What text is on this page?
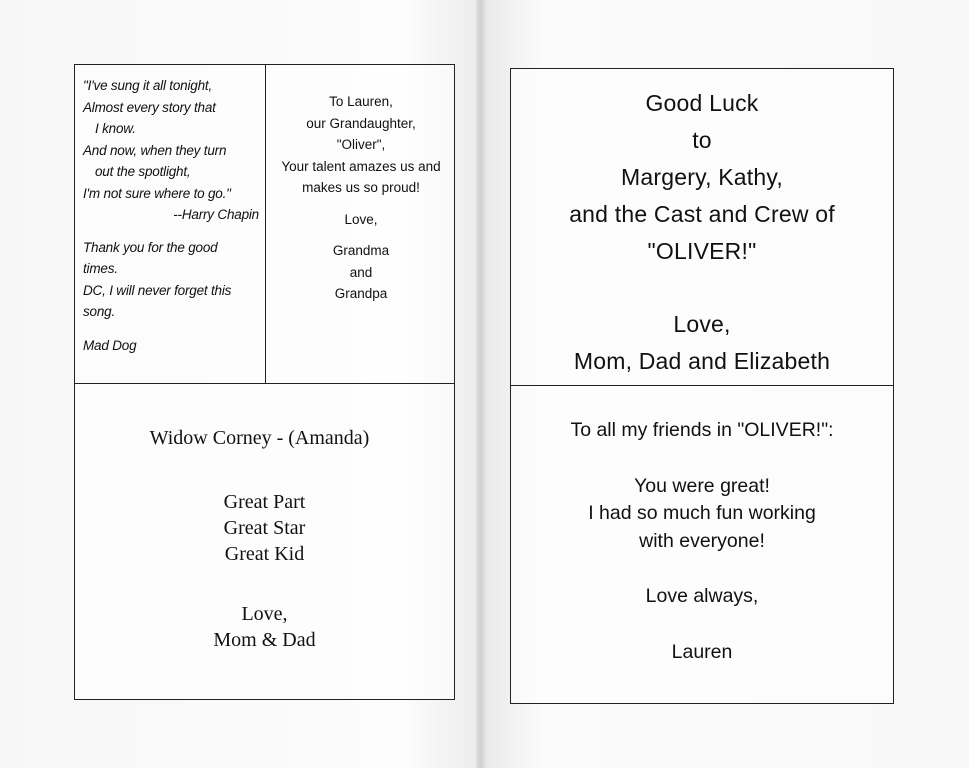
"I've sung it all tonight,
Almost every story that
I know.
And now, when they turn
out the spotlight,
I'm not sure where to go."
--Harry Chapin
Thank you for the good
times.
DC, I will never forget this
song.
Mad Dog
To Lauren,
our Grandaughter,
"Oliver",
Your talent amazes us and
makes us so proud!
Love,
Grandma
and
Grandpa
Widow Corney - (Amanda)
Great Part
Great Star
Great Kid
Love,
Mom & Dad
Good Luck
to
Margery, Kathy,
and the Cast and Crew of
"OLIVER!"
Love,
Mom, Dad and Elizabeth
To all my friends in "OLIVER!":
You were great!
I had so much fun working
with everyone!
Love always,
Lauren
